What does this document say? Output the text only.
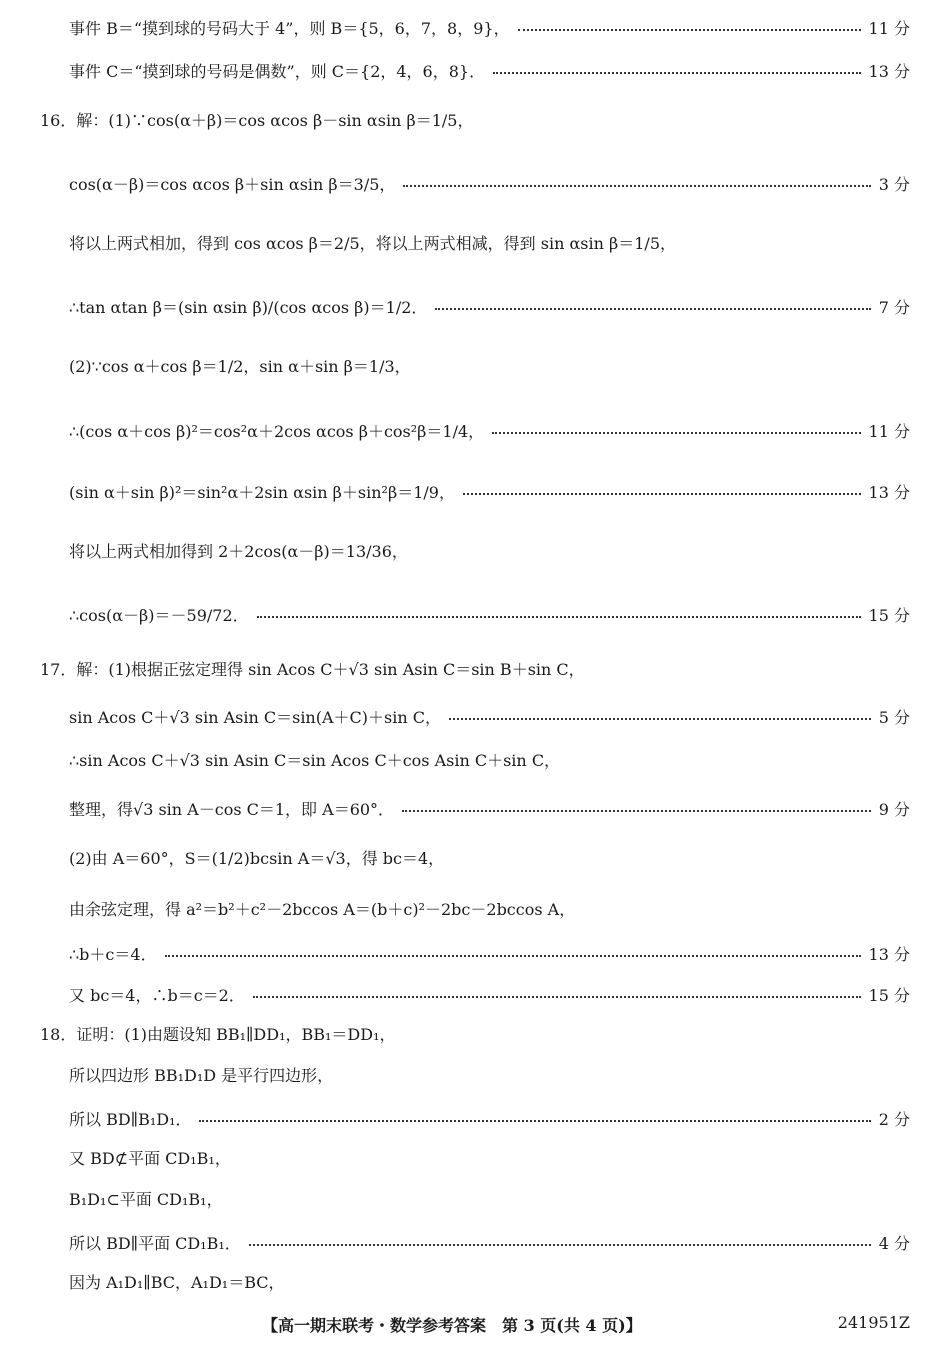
事件 B＝“摸到球的号码大于 4”，则 B＝{5，6，7，8，9}，	11 分
事件 C＝“摸到球的号码是偶数”，则 C＝{2，4，6，8}．	13 分
16．解：(1)∵cos(α＋β)＝cos αcos β－sin αsin β＝1/5，
cos(α－β)＝cos αcos β＋sin αsin β＝3/5，	3 分
将以上两式相加，得到 cos αcos β＝2/5，将以上两式相减，得到 sin αsin β＝1/5，
∴tan αtan β＝(sin αsin β)/(cos αcos β)＝1/2．	7 分
(2)∵cos α＋cos β＝1/2，sin α＋sin β＝1/3，
∴(cos α＋cos β)²＝cos²α＋2cos αcos β＋cos²β＝1/4，	11 分
(sin α＋sin β)²＝sin²α＋2sin αsin β＋sin²β＝1/9，	13 分
将以上两式相加得到 2＋2cos(α－β)＝13/36，
∴cos(α－β)＝－59/72．	15 分
17．解：(1)根据正弦定理得 sin Acos C＋√3 sin Asin C＝sin B＋sin C，
sin Acos C＋√3 sin Asin C＝sin(A＋C)＋sin C，	5 分
∴sin Acos C＋√3 sin Asin C＝sin Acos C＋cos Asin C＋sin C，
整理，得√3 sin A－cos C＝1，即 A＝60°．	9 分
(2)由 A＝60°，S＝(1/2)bcsin A＝√3，得 bc＝4，
由余弦定理，得 a²＝b²＋c²－2bccos A＝(b＋c)²－2bc－2bccos A，
∴b＋c＝4．	13 分
又 bc＝4，∴b＝c＝2．	15 分
18．证明：(1)由题设知 BB₁∥DD₁，BB₁＝DD₁，
所以四边形 BB₁D₁D 是平行四边形，
所以 BD∥B₁D₁．	2 分
又 BD⊄平面 CD₁B₁，
B₁D₁⊂平面 CD₁B₁，
所以 BD∥平面 CD₁B₁．	4 分
因为 A₁D₁∥BC，A₁D₁＝BC，
【高一期末联考・数学参考答案　第 3 页(共 4 页)】	241951Z
